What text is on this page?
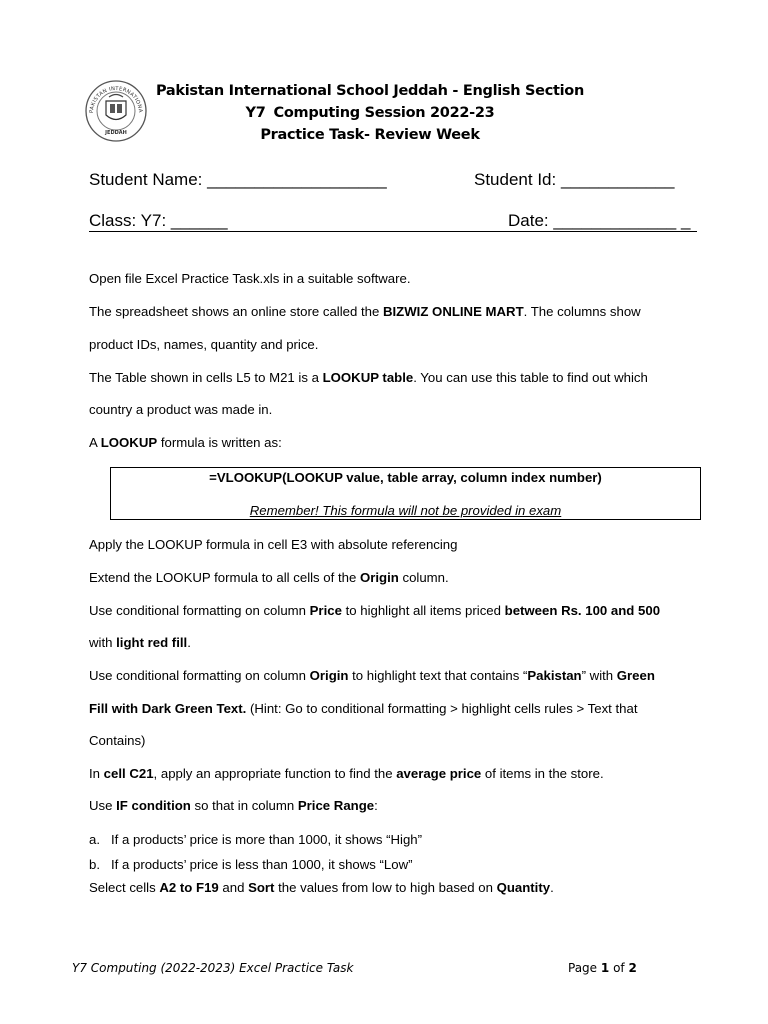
PAKISTAN INTERNATIONA
JEDDAH
Pakistan International School Jeddah - English Section
Y7 Computing Session 2022-23
Practice Task- Review Week
Student Name: ___________________	Student Id: ____________
Class: Y7: ______	Date: _____________ _
Open file Excel Practice Task.xls in a suitable software.
The spreadsheet shows an online store called the BIZWIZ ONLINE MART. The columns show
product IDs, names, quantity and price.
The Table shown in cells L5 to M21 is a LOOKUP table. You can use this table to find out which
country a product was made in.
A LOOKUP formula is written as:
Apply the LOOKUP formula in cell E3 with absolute referencing
Extend the LOOKUP formula to all cells of the Origin column.
Use conditional formatting on column Price to highlight all items priced between Rs. 100 and 500
with light red fill.
Use conditional formatting on column Origin to highlight text that contains “Pakistan” with Green
Fill with Dark Green Text. (Hint: Go to conditional formatting > highlight cells rules > Text that
Contains)
In cell C21, apply an appropriate function to find the average price of items in the store.
Use IF condition so that in column Price Range:
Select cells A2 to F19 and Sort the values from low to high based on Quantity.
=VLOOKUP(LOOKUP value, table array, column index number)
Remember! This formula will not be provided in exam
a. If a products’ price is more than 1000, it shows “High”
b. If a products’ price is less than 1000, it shows “Low”
Y7 Computing (2022-2023) Excel Practice Task	Page 1 of 2
